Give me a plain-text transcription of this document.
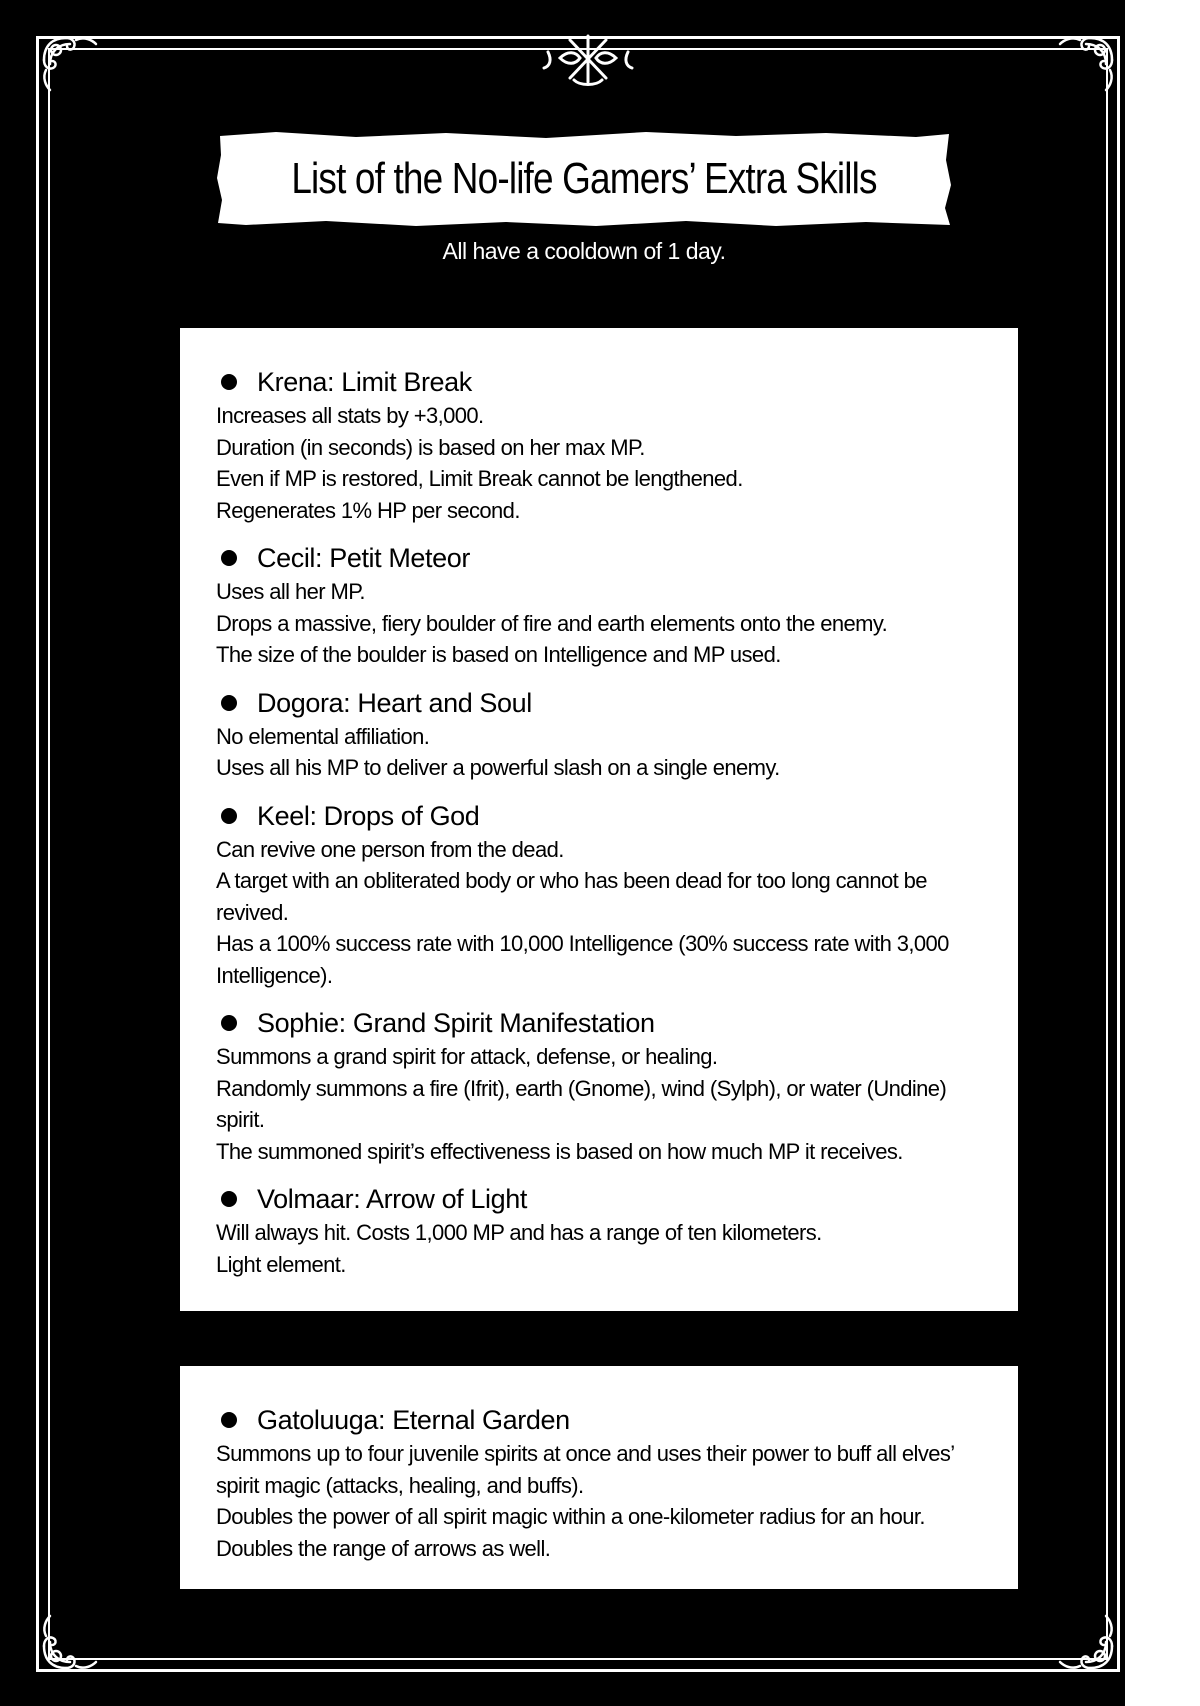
List of the No-life Gamers’ Extra Skills
All have a cooldown of 1 day.
Krena: Limit Break
Increases all stats by +3,000.
Duration (in seconds) is based on her max MP.
Even if MP is restored, Limit Break cannot be lengthened.
Regenerates 1% HP per second.
Cecil: Petit Meteor
Uses all her MP.
Drops a massive, fiery boulder of fire and earth elements onto the enemy.
The size of the boulder is based on Intelligence and MP used.
Dogora: Heart and Soul
No elemental affiliation.
Uses all his MP to deliver a powerful slash on a single enemy.
Keel: Drops of God
Can revive one person from the dead.
A target with an obliterated body or who has been dead for too long cannot be revived.
Has a 100% success rate with 10,000 Intelligence (30% success rate with 3,000 Intelligence).
Sophie: Grand Spirit Manifestation
Summons a grand spirit for attack, defense, or healing.
Randomly summons a fire (Ifrit), earth (Gnome), wind (Sylph), or water (Undine) spirit.
The summoned spirit’s effectiveness is based on how much MP it receives.
Volmaar: Arrow of Light
Will always hit. Costs 1,000 MP and has a range of ten kilometers.
Light element.
Gatoluuga: Eternal Garden
Summons up to four juvenile spirits at once and uses their power to buff all elves’ spirit magic (attacks, healing, and buffs).
Doubles the power of all spirit magic within a one-kilometer radius for an hour.
Doubles the range of arrows as well.
